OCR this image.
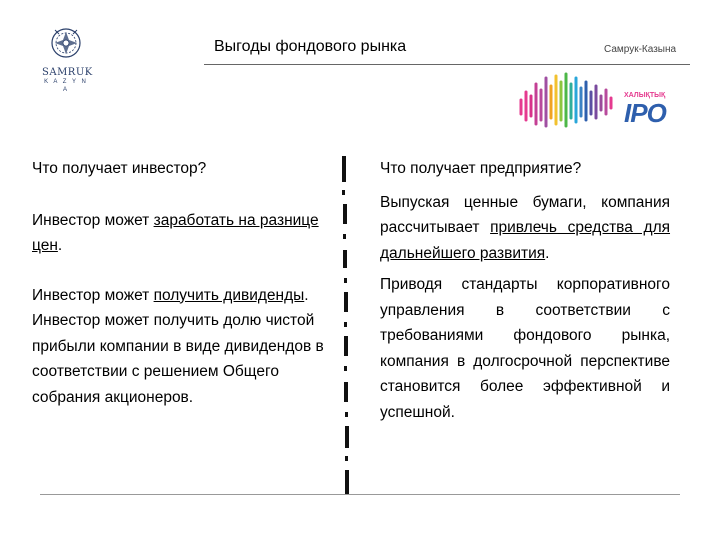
SAMRUK
K A Z Y N A
Выгоды фондового рынка	Самрук-Казына
ХАЛЫҚТЫҚ
IPO

Что получает инвестор?

Инвестор может заработать на разнице цен.

Инвестор может получить дивиденды. Инвестор может получить долю чистой прибыли компании в виде дивидендов в соответствии с решением Общего собрания акционеров.

Что получает предприятие?

Выпуская ценные бумаги, компания рассчитывает привлечь средства для дальнейшего развития.

Приводя стандарты корпоративного управления в соответствии с требованиями фондового рынка, компания в долгосрочной перспективе становится более эффективной и успешной.
